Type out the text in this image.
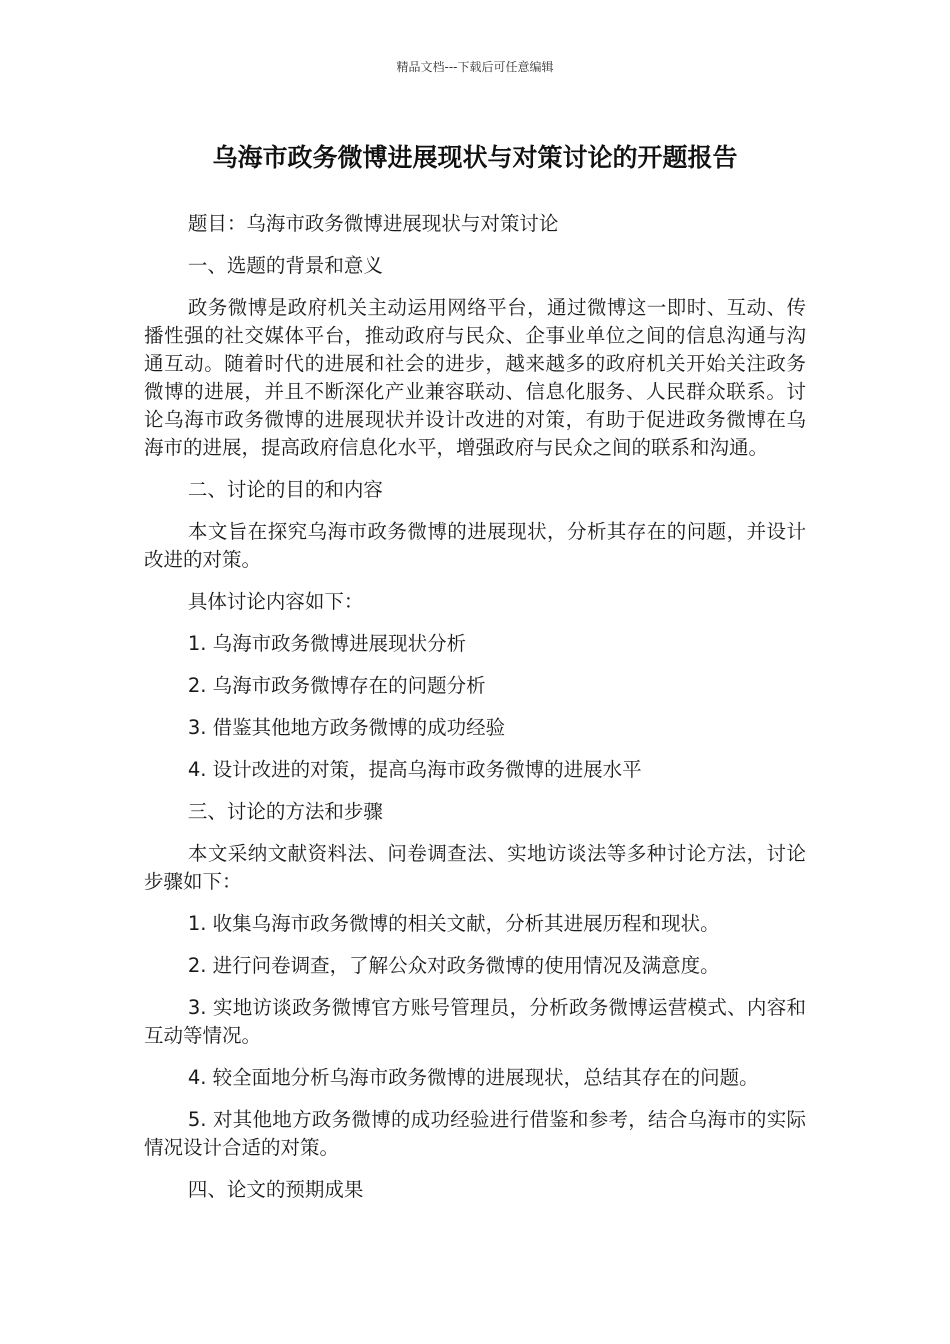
精品文档---下载后可任意编辑
乌海市政务微博进展现状与对策讨论的开题报告

题目：乌海市政务微博进展现状与对策讨论

一、选题的背景和意义

政务微博是政府机关主动运用网络平台，通过微博这一即时、互动、传播性强的社交媒体平台，推动政府与民众、企事业单位之间的信息沟通与沟通互动。随着时代的进展和社会的进步，越来越多的政府机关开始关注政务微博的进展，并且不断深化产业兼容联动、信息化服务、人民群众联系。讨论乌海市政务微博的进展现状并设计改进的对策，有助于促进政务微博在乌海市的进展，提高政府信息化水平，增强政府与民众之间的联系和沟通。

二、讨论的目的和内容

本文旨在探究乌海市政务微博的进展现状，分析其存在的问题，并设计改进的对策。

具体讨论内容如下：

1. 乌海市政务微博进展现状分析

2. 乌海市政务微博存在的问题分析

3. 借鉴其他地方政务微博的成功经验

4. 设计改进的对策，提高乌海市政务微博的进展水平

三、讨论的方法和步骤

本文采纳文献资料法、问卷调查法、实地访谈法等多种讨论方法，讨论步骤如下：

1. 收集乌海市政务微博的相关文献，分析其进展历程和现状。

2. 进行问卷调查，了解公众对政务微博的使用情况及满意度。

3. 实地访谈政务微博官方账号管理员，分析政务微博运营模式、内容和互动等情况。

4. 较全面地分析乌海市政务微博的进展现状，总结其存在的问题。

5. 对其他地方政务微博的成功经验进行借鉴和参考，结合乌海市的实际情况设计合适的对策。

四、论文的预期成果
